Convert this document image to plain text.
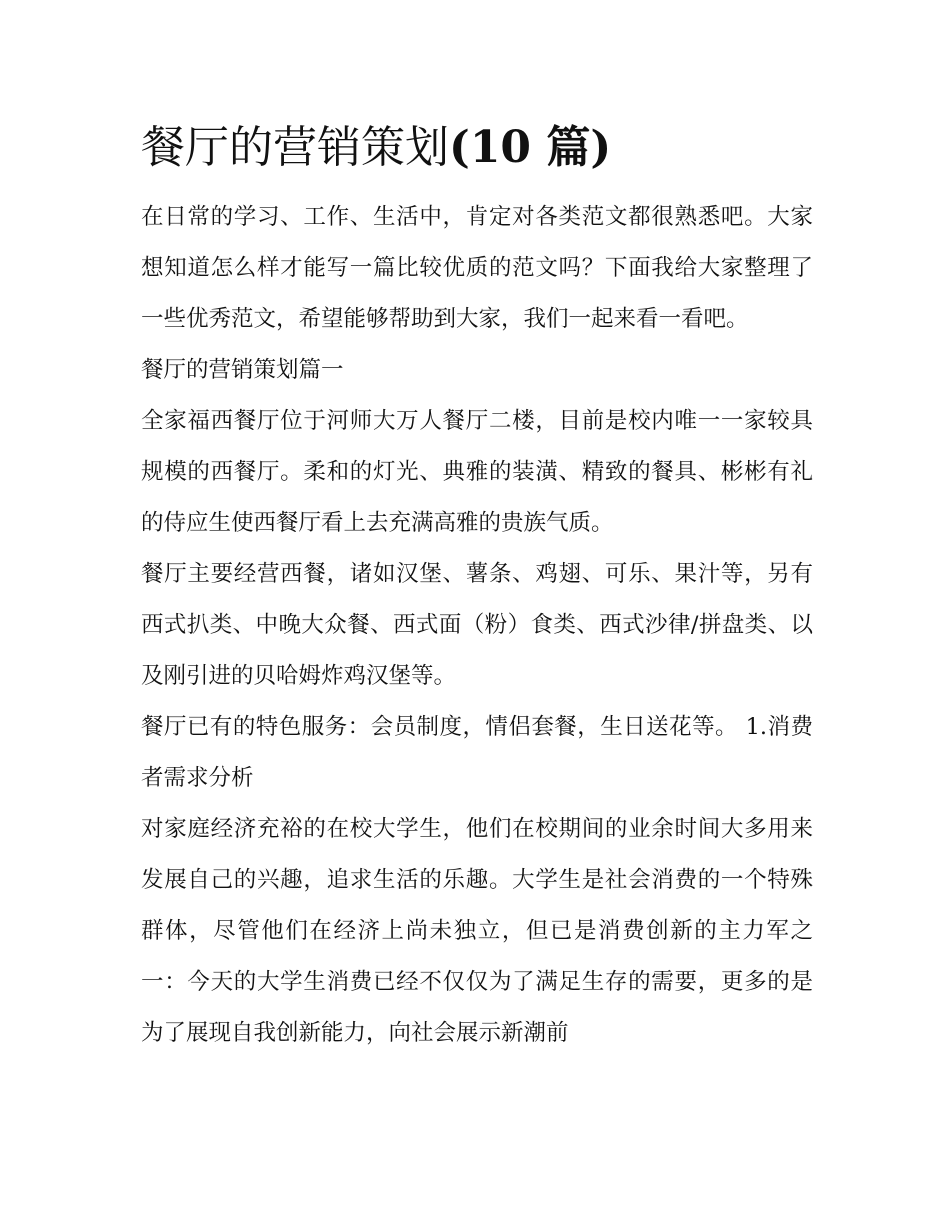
餐厅的营销策划(10 篇)

在日常的学习、工作、生活中，肯定对各类范文都很熟悉吧。大家想知道怎么样才能写一篇比较优质的范文吗？下面我给大家整理了一些优秀范文，希望能够帮助到大家，我们一起来看一看吧。

餐厅的营销策划篇一

全家福西餐厅位于河师大万人餐厅二楼，目前是校内唯一一家较具规模的西餐厅。柔和的灯光、典雅的装潢、精致的餐具、彬彬有礼的侍应生使西餐厅看上去充满高雅的贵族气质。

餐厅主要经营西餐，诸如汉堡、薯条、鸡翅、可乐、果汁等，另有西式扒类、中晚大众餐、西式面（粉）食类、西式沙律/拼盘类、以及刚引进的贝哈姆炸鸡汉堡等。

餐厅已有的特色服务：会员制度，情侣套餐，生日送花等。 1.消费者需求分析

对家庭经济充裕的在校大学生，他们在校期间的业余时间大多用来发展自己的兴趣，追求生活的乐趣。大学生是社会消费的一个特殊群体，尽管他们在经济上尚未独立，但已是消费创新的主力军之一：今天的大学生消费已经不仅仅为了满足生存的需要，更多的是为了展现自我创新能力，向社会展示新潮前
